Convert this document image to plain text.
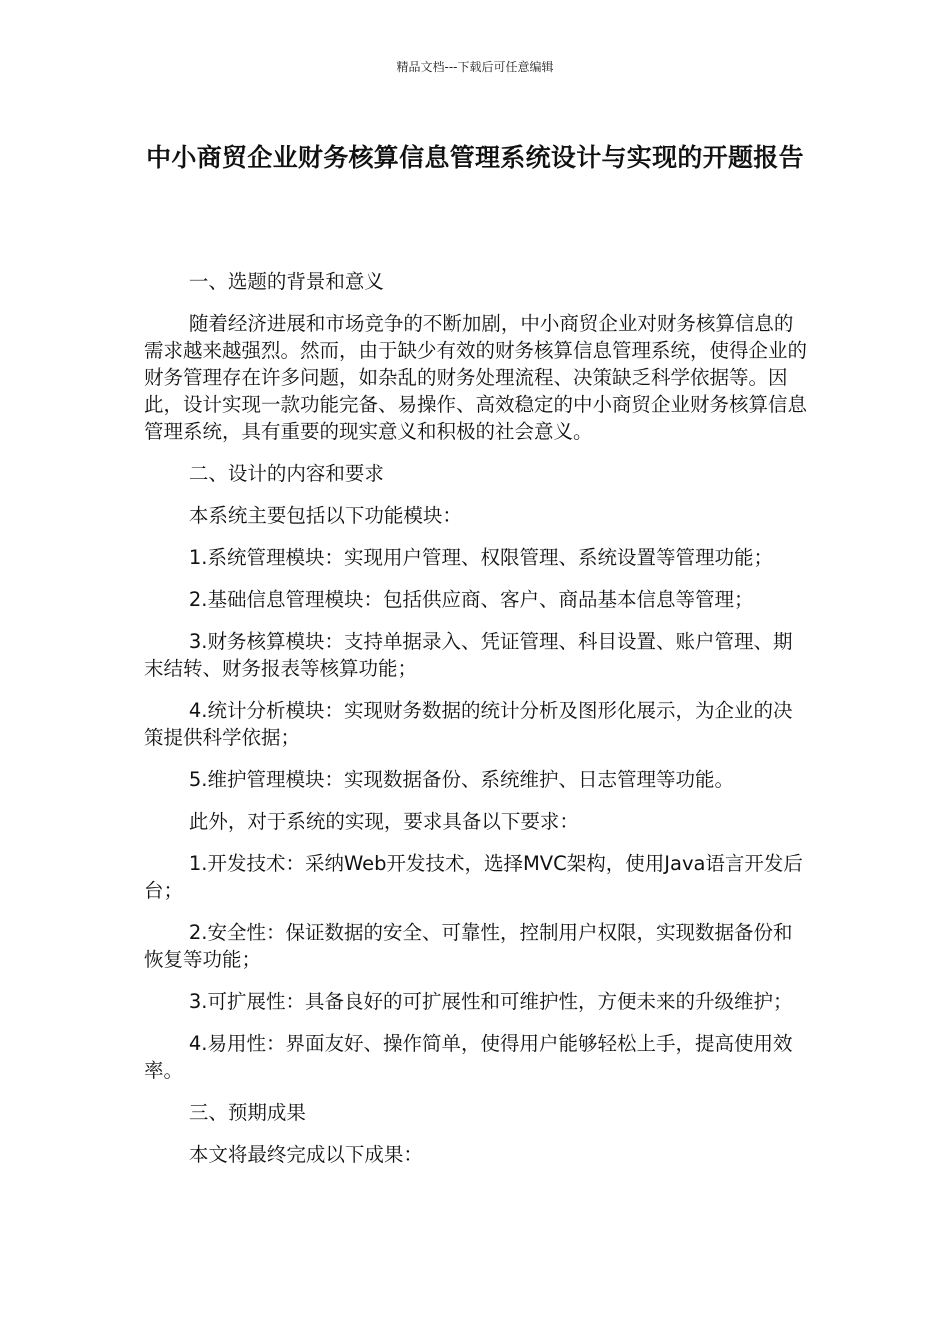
精品文档---下载后可任意编辑
中小商贸企业财务核算信息管理系统设计与实现的开题报告

一、选题的背景和意义

随着经济进展和市场竞争的不断加剧，中小商贸企业对财务核算信息的需求越来越强烈。然而，由于缺少有效的财务核算信息管理系统，使得企业的财务管理存在许多问题，如杂乱的财务处理流程、决策缺乏科学依据等。因此，设计实现一款功能完备、易操作、高效稳定的中小商贸企业财务核算信息管理系统，具有重要的现实意义和积极的社会意义。

二、设计的内容和要求

本系统主要包括以下功能模块：

1.系统管理模块：实现用户管理、权限管理、系统设置等管理功能；

2.基础信息管理模块：包括供应商、客户、商品基本信息等管理；

3.财务核算模块：支持单据录入、凭证管理、科目设置、账户管理、期末结转、财务报表等核算功能；

4.统计分析模块：实现财务数据的统计分析及图形化展示，为企业的决策提供科学依据；

5.维护管理模块：实现数据备份、系统维护、日志管理等功能。

此外，对于系统的实现，要求具备以下要求：

1.开发技术：采纳Web开发技术，选择MVC架构，使用Java语言开发后台；

2.安全性：保证数据的安全、可靠性，控制用户权限，实现数据备份和恢复等功能；

3.可扩展性：具备良好的可扩展性和可维护性，方便未来的升级维护；

4.易用性：界面友好、操作简单，使得用户能够轻松上手，提高使用效率。

三、预期成果

本文将最终完成以下成果：
